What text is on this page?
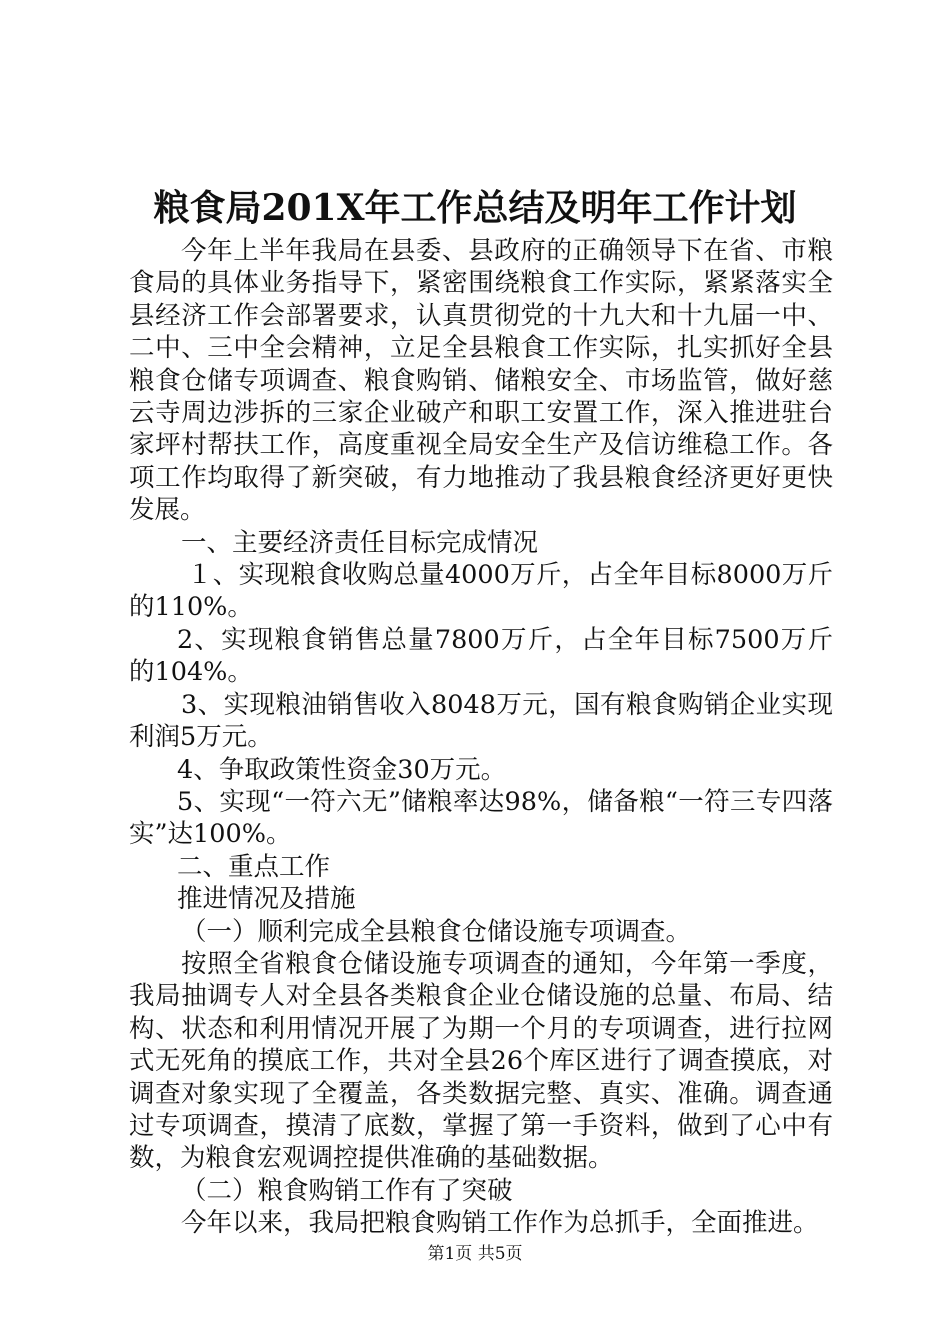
粮食局201X年工作总结及明年工作计划

今年上半年我局在县委、县政府的正确领导下在省、市粮食局的具体业务指导下，紧密围绕粮食工作实际，紧紧落实全县经济工作会部署要求，认真贯彻党的十九大和十九届一中、二中、三中全会精神，立足全县粮食工作实际，扎实抓好全县粮食仓储专项调查、粮食购销、储粮安全、市场监管，做好慈云寺周边涉拆的三家企业破产和职工安置工作，深入推进驻台家坪村帮扶工作，高度重视全局安全生产及信访维稳工作。各项工作均取得了新突破，有力地推动了我县粮食经济更好更快发展。

一、主要经济责任目标完成情况

１、实现粮食收购总量4000万斤，占全年目标8000万斤的110%。

2、实现粮食销售总量7800万斤，占全年目标7500万斤的104%。

3、实现粮油销售收入8048万元，国有粮食购销企业实现利润5万元。

4、争取政策性资金30万元。

5、实现“一符六无”储粮率达98%，储备粮“一符三专四落实”达100%。

二、重点工作

推进情况及措施

（一）顺利完成全县粮食仓储设施专项调查。

按照全省粮食仓储设施专项调查的通知，今年第一季度，我局抽调专人对全县各类粮食企业仓储设施的总量、布局、结构、状态和利用情况开展了为期一个月的专项调查，进行拉网式无死角的摸底工作，共对全县26个库区进行了调查摸底，对调查对象实现了全覆盖，各类数据完整、真实、准确。调查通过专项调查，摸清了底数，掌握了第一手资料，做到了心中有数，为粮食宏观调控提供准确的基础数据。

（二）粮食购销工作有了突破

今年以来，我局把粮食购销工作作为总抓手，全面推进。

第1页 共5页
